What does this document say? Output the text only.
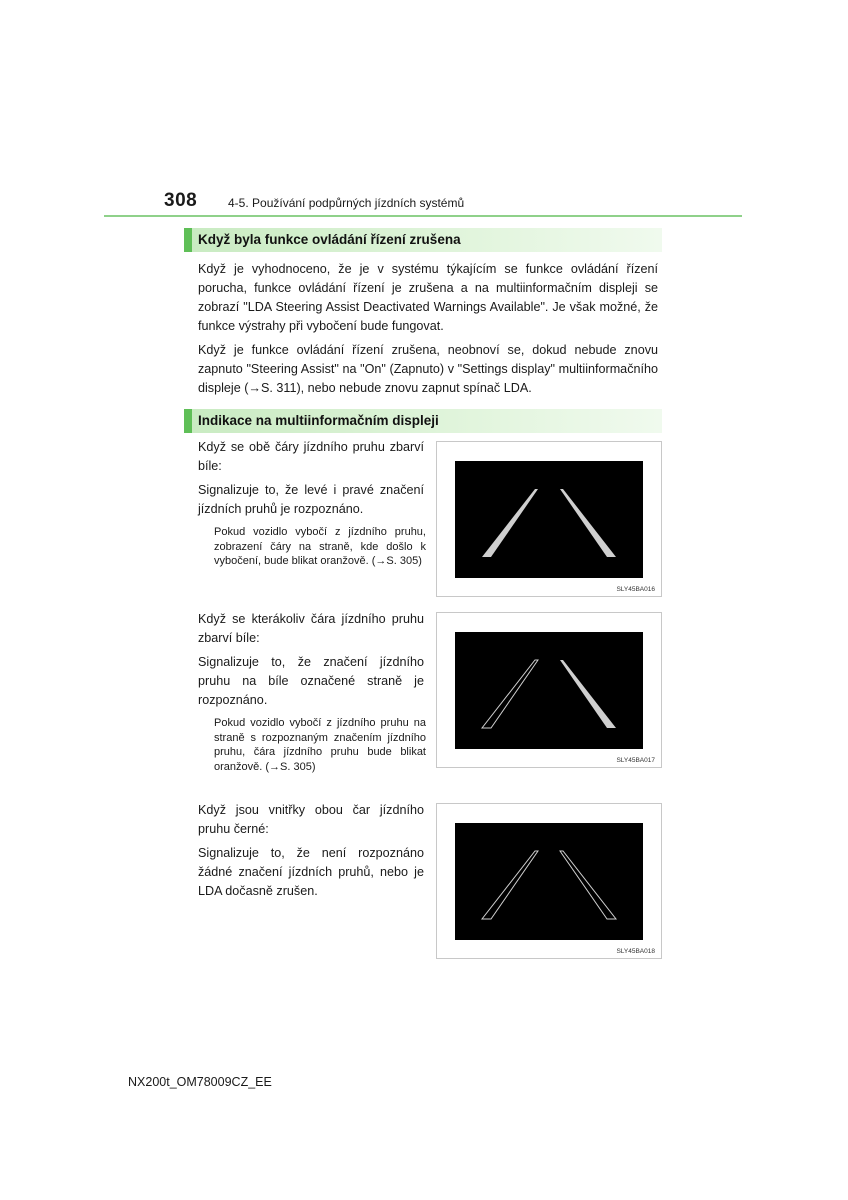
308	4-5. Používání podpůrných jízdních systémů
Když byla funkce ovládání řízení zrušena
Když je vyhodnoceno, že je v systému týkajícím se funkce ovládání řízení porucha, funkce ovládání řízení je zrušena a na multiinformačním displeji se zobrazí "LDA Steering Assist Deactivated Warnings Available". Je však možné, že funkce výstrahy při vybočení bude fungovat.
Když je funkce ovládání řízení zrušena, neobnoví se, dokud nebude znovu zapnuto "Steering Assist" na "On" (Zapnuto) v "Settings display" multiinformačního displeje (→S. 311), nebo nebude znovu zapnut spínač LDA.
Indikace na multiinformačním displeji
Když se obě čáry jízdního pruhu zbarví bíle:
Signalizuje to, že levé i pravé značení jízdních pruhů je rozpoznáno.
Pokud vozidlo vybočí z jízdního pruhu, zobrazení čáry na straně, kde došlo k vybočení, bude blikat oranžově. (→S. 305)
SLY45BA016
Když se kterákoliv čára jízdního pruhu zbarví bíle:
Signalizuje to, že značení jízdního pruhu na bíle označené straně je rozpoznáno.
Pokud vozidlo vybočí z jízdního pruhu na straně s rozpoznaným značením jízdního pruhu, čára jízdního pruhu bude blikat oranžově. (→S. 305)	SLY45BA017
Když jsou vnitřky obou čar jízdního pruhu černé:
Signalizuje to, že není rozpoznáno žádné značení jízdních pruhů, nebo je LDA dočasně zrušen.
SLY45BA018
NX200t_OM78009CZ_EE
